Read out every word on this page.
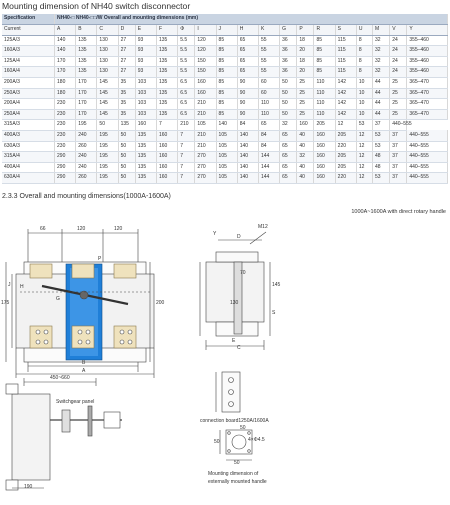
Mounting dimension of NH40 switch disconnector
Specification	NH40-□ NH40-□□/W Overall and mounting dimensions (mm)																		
Current	A	B	C	D	E	F	Φ	I	J	H	K	G	P	R	S	U	M	V	Y
125A/3	140	135	130	27	93	135	5.5	120	85	65	55	36	18	85	115	8	32	24	355–460
160A/3	140	135	130	27	93	135	5.5	120	85	65	55	36	20	85	115	8	32	24	355–460
125A/4	170	135	130	27	93	135	5.5	150	85	65	55	36	18	85	115	8	32	24	355–460
160A/4	170	135	130	27	93	135	5.5	150	85	65	55	36	20	85	115	8	32	24	355–460
200A/3	180	170	145	35	103	135	6.5	160	85	90	60	50	25	110	142	10	44	25	365–470
250A/3	180	170	145	35	103	135	6.5	160	85	90	60	50	25	110	142	10	44	25	365–470
200A/4	230	170	145	35	103	135	6.5	210	85	90	110	50	25	110	142	10	44	25	365–470
250A/4	230	170	145	35	103	135	6.5	210	85	90	110	50	25	110	142	10	44	25	365–470
315A/3	230	195	50	135	160	7	210	105	140	84	65	32	160	205	12	53	37	440–555	
400A/3	230	240	195	50	135	160	7	210	105	140	84	65	40	160	205	12	53	37	440–555
630A/3	230	260	195	50	135	160	7	210	105	140	84	65	40	160	220	12	53	37	440–555
315A/4	290	240	195	50	135	160	7	270	105	140	144	65	32	160	205	12	48	37	440–555
400A/4	290	240	195	50	135	160	7	270	105	140	144	65	40	160	205	12	48	37	440–555
630A/4	290	260	195	50	135	160	7	270	105	140	144	65	40	160	220	12	53	37	440–555
2.3.3 Overall and mounting dimensions(1000A-1600A)
1000A~1600A with direct rotary handle
66	120	120
175	200
P
J H
G
B
A
Y	D
M12
70
145
130
C
E
S
450~660
Switchgear panel
190
connection board1250A/1600A
50
50
50
4×Φ4.5
Mounting dimension of
externally mounted handle
